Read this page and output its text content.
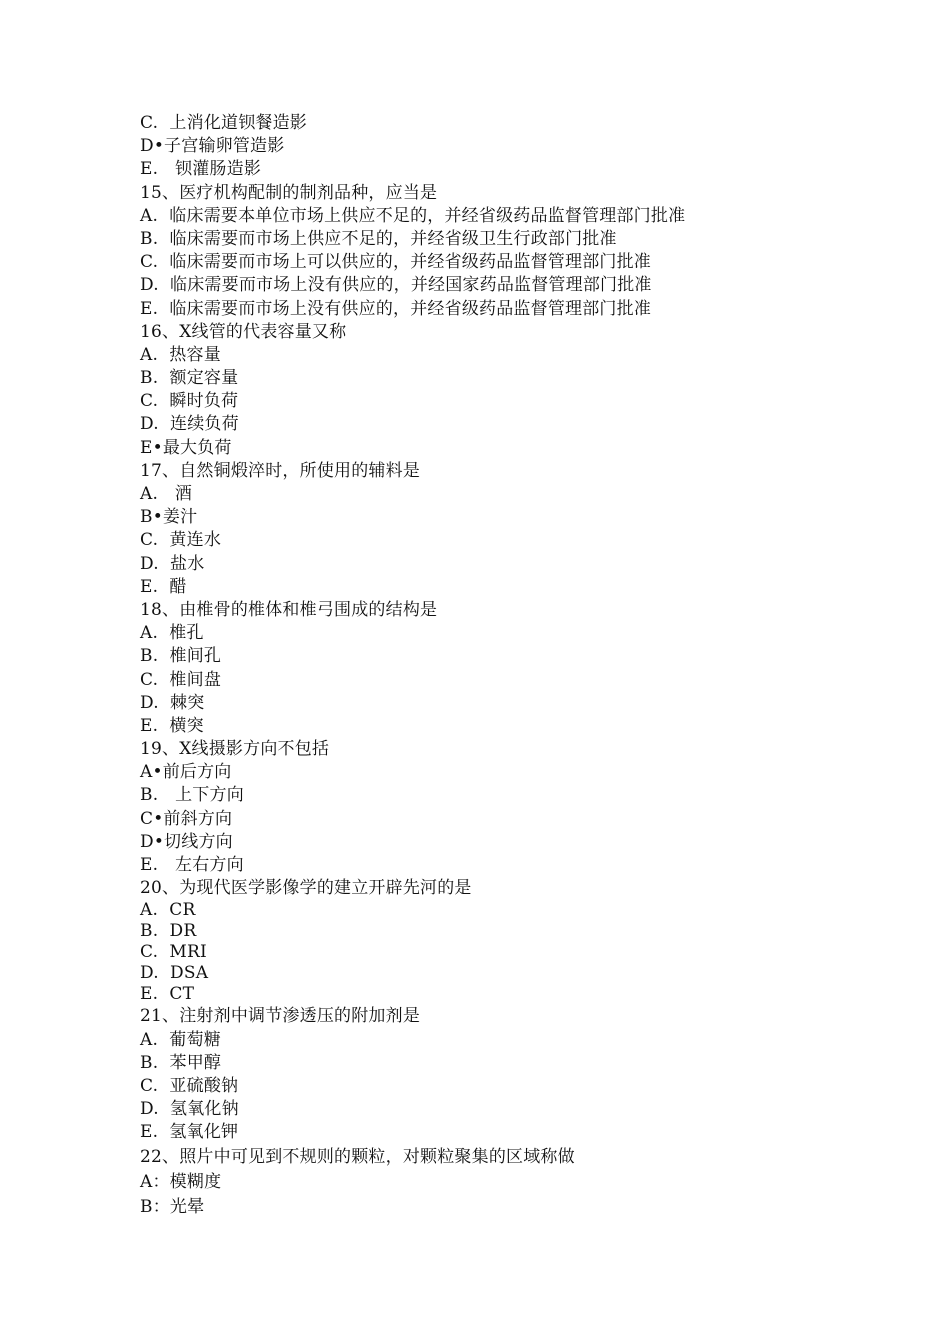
C.  上消化道钡餐造影
D•子宫输卵管造影
E.   钡灌肠造影
15、医疗机构配制的制剂品种，应当是
A.  临床需要本单位市场上供应不足的，并经省级药品监督管理部门批准
B.  临床需要而市场上供应不足的，并经省级卫生行政部门批准
C.  临床需要而市场上可以供应的，并经省级药品监督管理部门批准
D.  临床需要而市场上没有供应的，并经国家药品监督管理部门批准
E.  临床需要而市场上没有供应的，并经省级药品监督管理部门批准
16、X线管的代表容量又称
A.  热容量
B.  额定容量
C.  瞬时负荷
D.  连续负荷
E•最大负荷
17、自然铜煅淬时，所使用的辅料是
A.   酒
B•姜汁
C.  黄连水
D.  盐水
E.  醋
18、由椎骨的椎体和椎弓围成的结构是
A.  椎孔
B.  椎间孔
C.  椎间盘
D.  棘突
E.  横突
19、X线摄影方向不包括
A•前后方向
B.   上下方向
C•前斜方向
D•切线方向
E.   左右方向
20、为现代医学影像学的建立开辟先河的是
A.  CR
B.  DR
C.  MRI
D.  DSA
E.  CT
21、注射剂中调节渗透压的附加剂是
A.  葡萄糖
B.  苯甲醇
C.  亚硫酸钠
D.  氢氧化钠
E.  氢氧化钾
22、照片中可见到不规则的颗粒，对颗粒聚集的区域称做
A：模糊度
B：光晕
